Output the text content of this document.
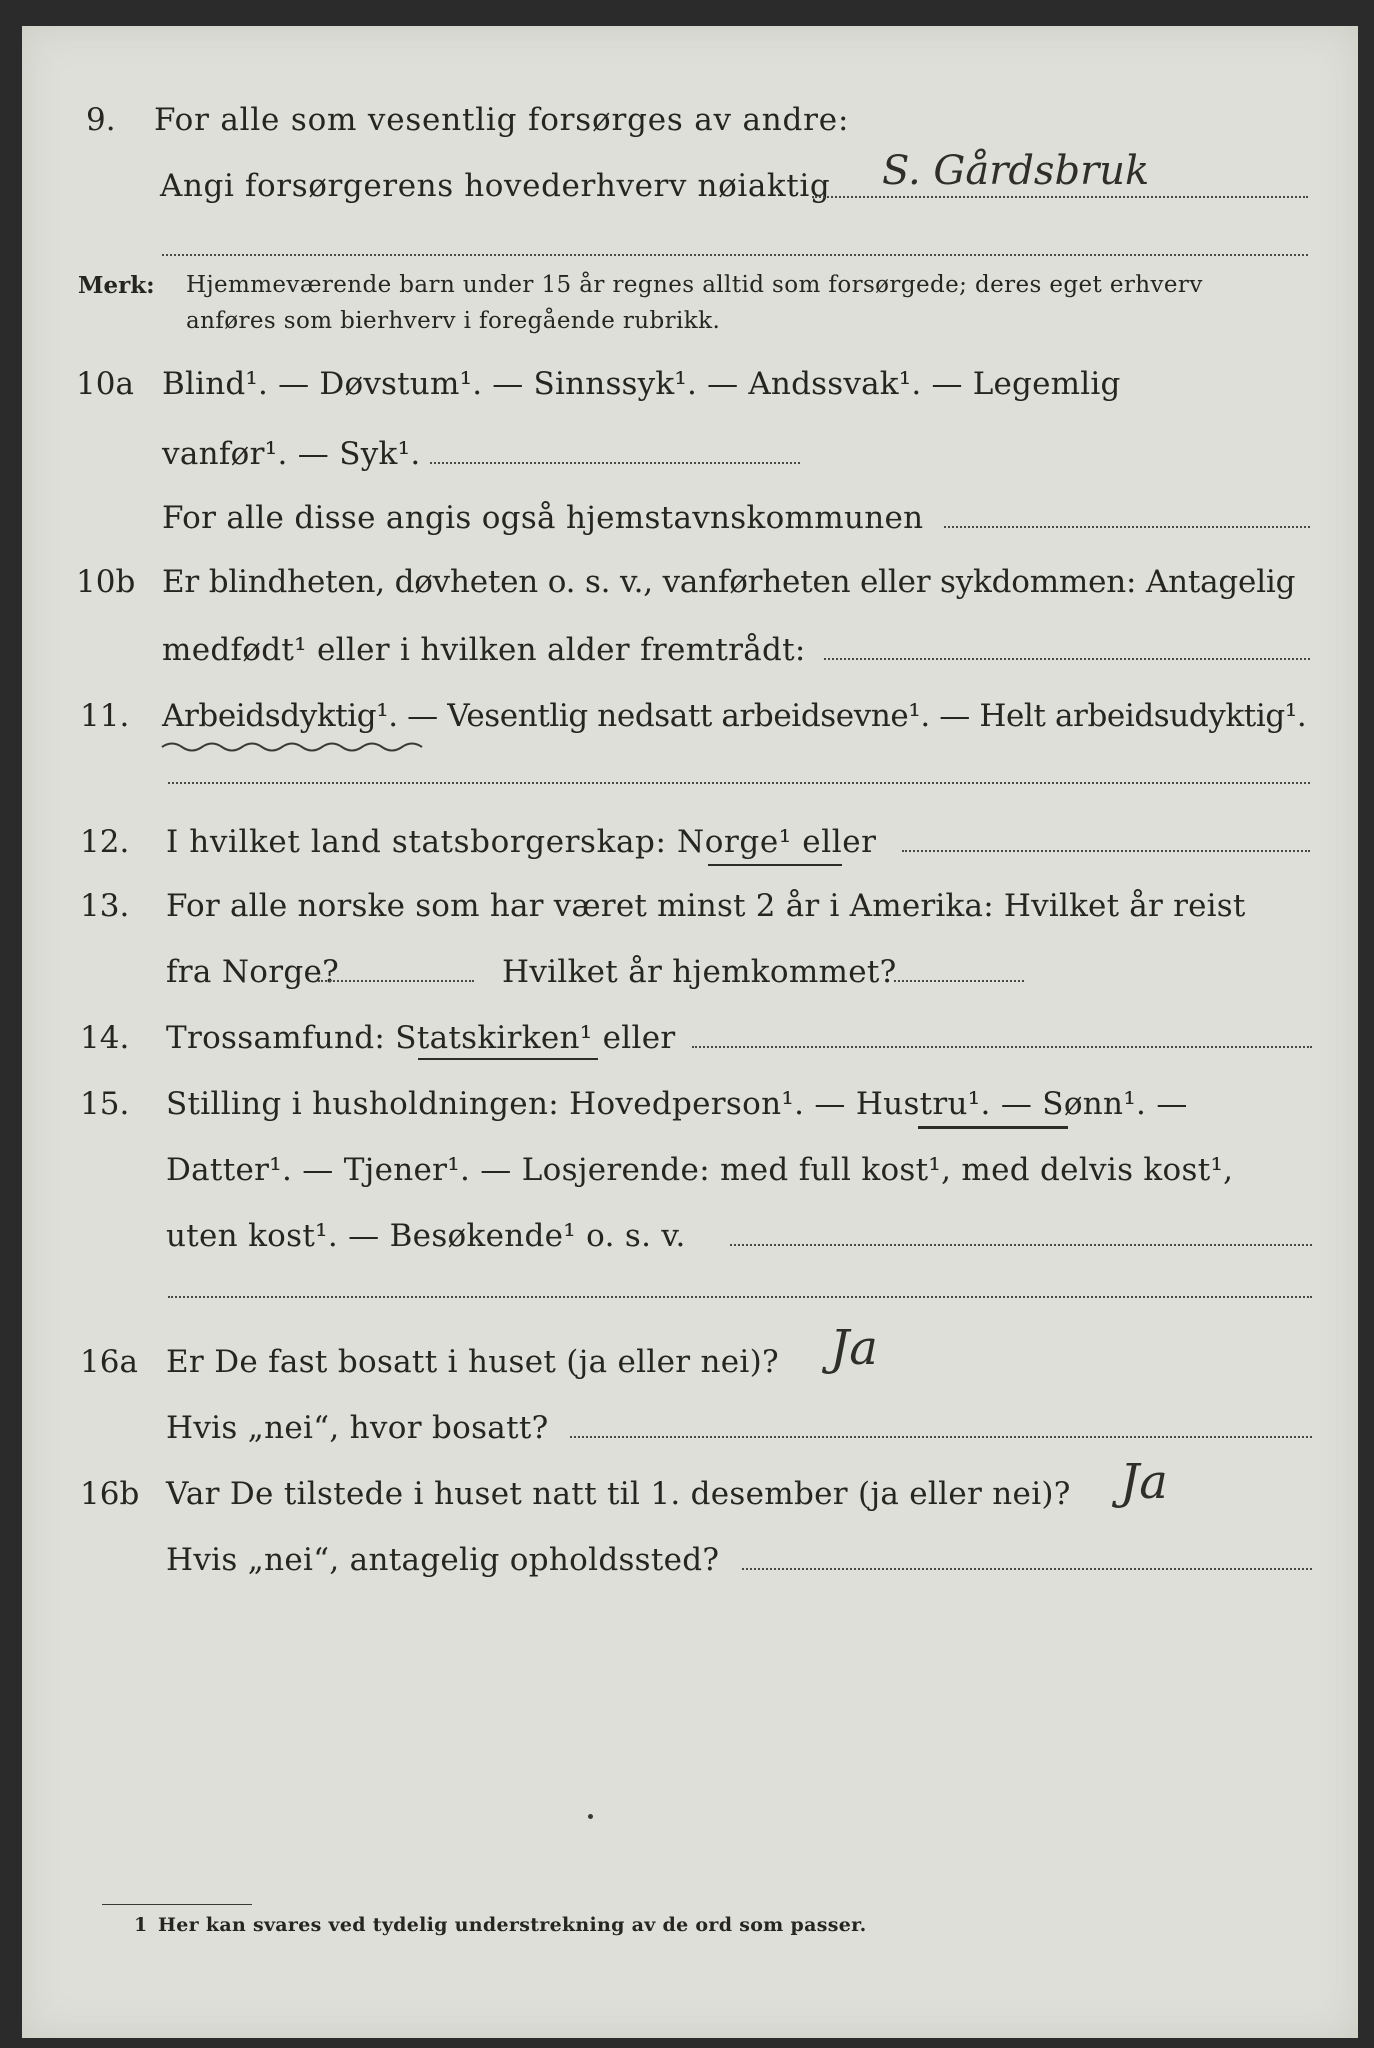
9. For alle som vesentlig forsørges av andre:
Angi forsørgerens hovederhverv nøiaktig S. Gårdsbruk
Merk: Hjemmeværende barn under 15 år regnes alltid som forsørgede; deres eget erhverv
anføres som bierhverv i foregående rubrikk.
10a Blind¹. — Døvstum¹. — Sinnssyk¹. — Andssvak¹. — Legemlig
vanfør¹. — Syk¹.
For alle disse angis også hjemstavnskommunen
10b Er blindheten, døvheten o. s. v., vanførheten eller sykdommen: Antagelig
medfødt¹ eller i hvilken alder fremtrådt:
11. Arbeidsdyktig¹. — Vesentlig nedsatt arbeidsevne¹. — Helt arbeidsudyktig¹.
12. I hvilket land statsborgerskap: Norge¹ eller
13. For alle norske som har været minst 2 år i Amerika: Hvilket år reist
fra Norge?	Hvilket år hjemkommet?
14. Trossamfund: Statskirken¹ eller
15. Stilling i husholdningen: Hovedperson¹. — Hustru¹. — Sønn¹. —
Datter¹. — Tjener¹. — Losjerende: med full kost¹, med delvis kost¹,
uten kost¹. — Besøkende¹ o. s. v.
16a Er De fast bosatt i huset (ja eller nei)? Ja
Hvis „nei“, hvor bosatt?
16b Var De tilstede i huset natt til 1. desember (ja eller nei)? Ja
Hvis „nei“, antagelig opholdssted?
1 Her kan svares ved tydelig understrekning av de ord som passer.
